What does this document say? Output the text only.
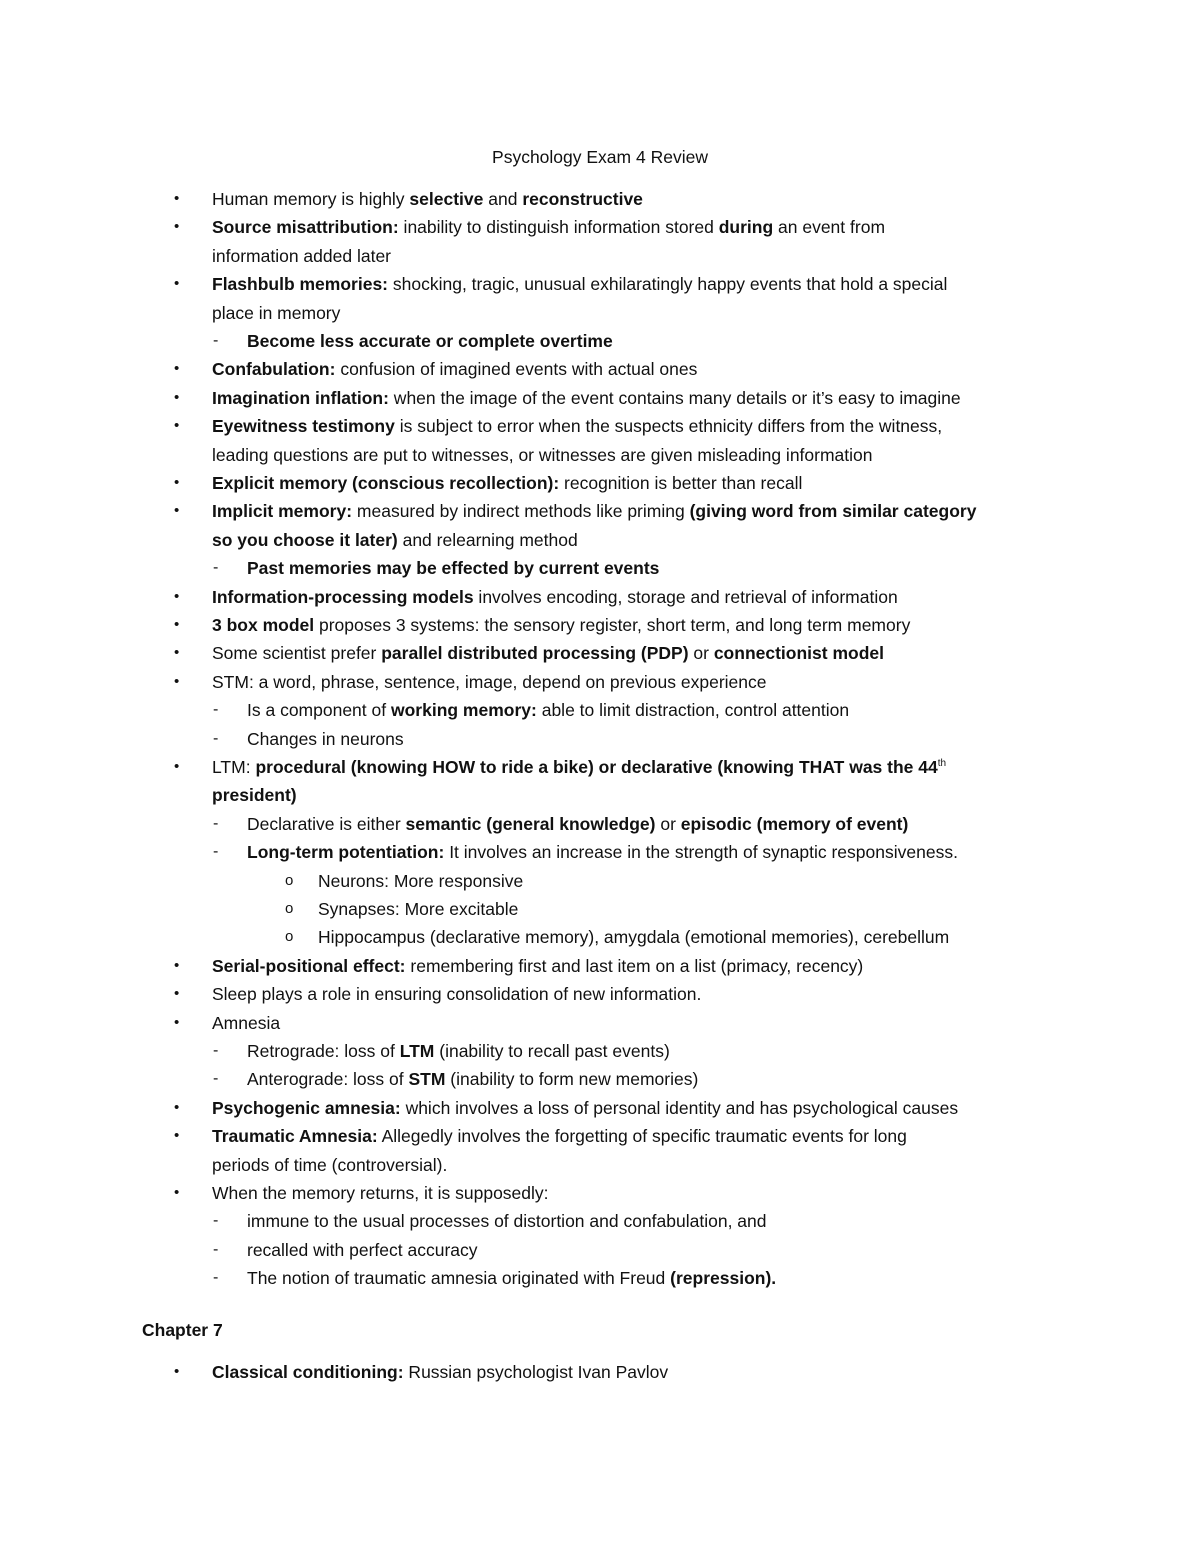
Psychology Exam 4 Review
• Human memory is highly selective and reconstructive
• Source misattribution: inability to distinguish information stored during an event from
information added later
• Flashbulb memories: shocking, tragic, unusual exhilaratingly happy events that hold a special
place in memory
- Become less accurate or complete overtime
• Confabulation: confusion of imagined events with actual ones
• Imagination inflation: when the image of the event contains many details or it’s easy to imagine
• Eyewitness testimony is subject to error when the suspects ethnicity differs from the witness,
leading questions are put to witnesses, or witnesses are given misleading information
• Explicit memory (conscious recollection): recognition is better than recall
• Implicit memory: measured by indirect methods like priming (giving word from similar category
so you choose it later) and relearning method
- Past memories may be effected by current events
• Information-processing models involves encoding, storage and retrieval of information
• 3 box model proposes 3 systems: the sensory register, short term, and long term memory
• Some scientist prefer parallel distributed processing (PDP) or connectionist model
• STM: a word, phrase, sentence, image, depend on previous experience
- Is a component of working memory: able to limit distraction, control attention
- Changes in neurons
• LTM: procedural (knowing HOW to ride a bike) or declarative (knowing THAT was the 44th
president)
- Declarative is either semantic (general knowledge) or episodic (memory of event)
- Long-term potentiation: It involves an increase in the strength of synaptic responsiveness.
o Neurons: More responsive
o Synapses: More excitable
o Hippocampus (declarative memory), amygdala (emotional memories), cerebellum
• Serial-positional effect: remembering first and last item on a list (primacy, recency)
• Sleep plays a role in ensuring consolidation of new information.
• Amnesia
- Retrograde: loss of LTM (inability to recall past events)
- Anterograde: loss of STM (inability to form new memories)
• Psychogenic amnesia: which involves a loss of personal identity and has psychological causes
• Traumatic Amnesia: Allegedly involves the forgetting of specific traumatic events for long
periods of time (controversial).
• When the memory returns, it is supposedly:
- immune to the usual processes of distortion and confabulation, and
- recalled with perfect accuracy
- The notion of traumatic amnesia originated with Freud (repression).
Chapter 7
• Classical conditioning: Russian psychologist Ivan Pavlov
